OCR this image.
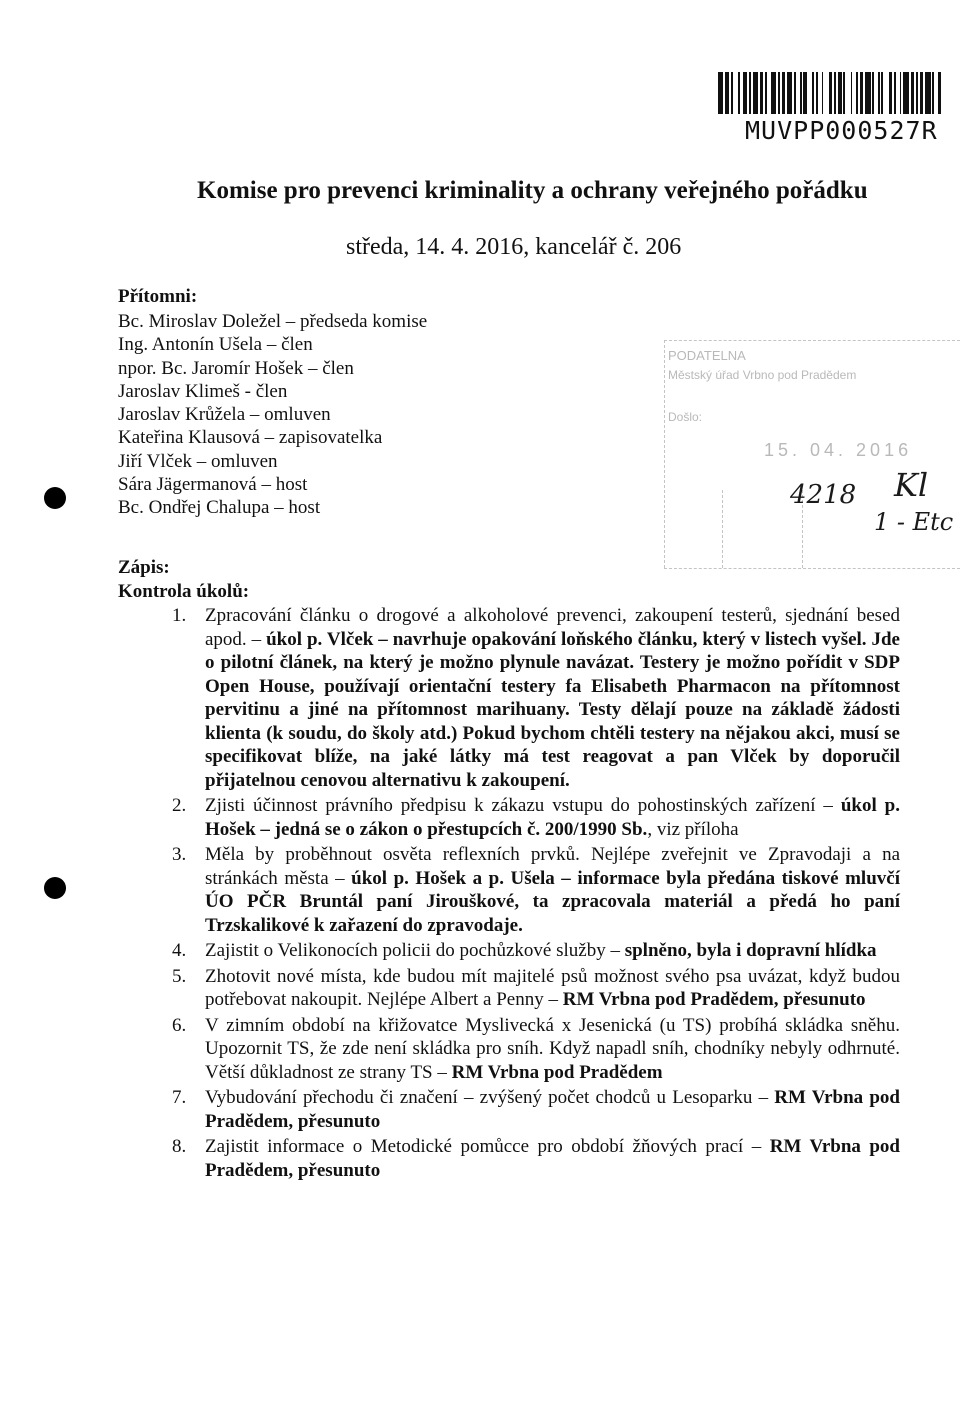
MUVPP000527R
Komise pro prevenci kriminality a ochrany veřejného pořádku
středa, 14. 4. 2016, kancelář č. 206
Přítomni:
Bc. Miroslav Doležel – předseda komise
Ing. Antonín Ušela – člen
npor. Bc. Jaromír Hošek – člen
Jaroslav Klimeš - člen
Jaroslav Krůžela – omluven
Kateřina Klausová – zapisovatelka
Jiří Vlček – omluven
Sára Jägermanová – host
Bc. Ondřej Chalupa – host
PODATELNA
Městský úřad Vrbno pod Pradědem
Došlo:
15. 04. 2016
4218 Kl
1 - Etc
Zápis:
Kontrola úkolů:
1. Zpracování článku o drogové a alkoholové prevenci, zakoupení testerů, sjednání besed apod. – úkol p. Vlček – navrhuje opakování loňského článku, který v listech vyšel. Jde o pilotní článek, na který je možno plynule navázat. Testery je možno pořídit v SDP Open House, používají orientační testery fa Elisabeth Pharmacon na přítomnost pervitinu a jiné na přítomnost marihuany. Testy dělají pouze na základě žádosti klienta (k soudu, do školy atd.) Pokud bychom chtěli testery na nějakou akci, musí se specifikovat blíže, na jaké látky má test reagovat a pan Vlček by doporučil přijatelnou cenovou alternativu k zakoupení.
2. Zjisti účinnost právního předpisu k zákazu vstupu do pohostinských zařízení – úkol p. Hošek – jedná se o zákon o přestupcích č. 200/1990 Sb., viz příloha
3. Měla by proběhnout osvěta reflexních prvků. Nejlépe zveřejnit ve Zpravodaji a na stránkách města – úkol p. Hošek a p. Ušela – informace byla předána tiskové mluvčí ÚO PČR Bruntál paní Jirouškové, ta zpracovala materiál a předá ho paní Trzskalikové k zařazení do zpravodaje.
4. Zajistit o Velikonocích policii do pochůzkové služby – splněno, byla i dopravní hlídka
5. Zhotovit nové místa, kde budou mít majitelé psů možnost svého psa uvázat, když budou potřebovat nakoupit. Nejlépe Albert a Penny – RM Vrbna pod Pradědem, přesunuto
6. V zimním období na křižovatce Myslivecká x Jesenická (u TS) probíhá skládka sněhu. Upozornit TS, že zde není skládka pro sníh. Když napadl sníh, chodníky nebyly odhrnuté. Větší důkladnost ze strany TS – RM Vrbna pod Pradědem
7. Vybudování přechodu či značení – zvýšený počet chodců u Lesoparku – RM Vrbna pod Pradědem, přesunuto
8. Zajistit informace o Metodické pomůcce pro období žňových prací – RM Vrbna pod Pradědem, přesunuto
